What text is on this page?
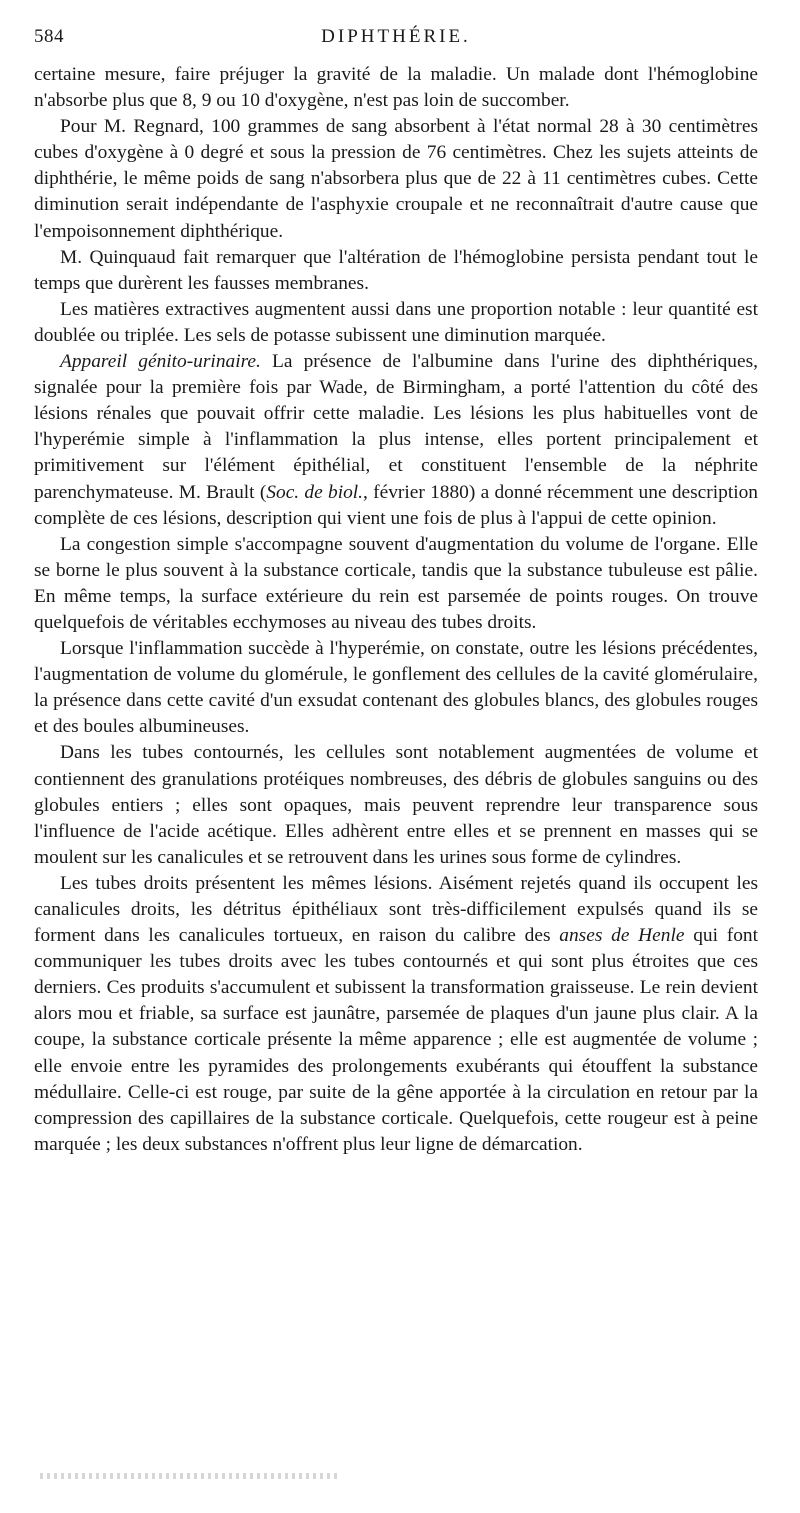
584	DIPHTHÉRIE.

certaine mesure, faire préjuger la gravité de la maladie. Un malade dont l'hémoglobine n'absorbe plus que 8, 9 ou 10 d'oxygène, n'est pas loin de succomber.

Pour M. Regnard, 100 grammes de sang absorbent à l'état normal 28 à 30 centimètres cubes d'oxygène à 0 degré et sous la pression de 76 centimètres. Chez les sujets atteints de diphthérie, le même poids de sang n'absorbera plus que de 22 à 11 centimètres cubes. Cette diminution serait indépendante de l'asphyxie croupale et ne reconnaîtrait d'autre cause que l'empoisonnement diphthérique.

M. Quinquaud fait remarquer que l'altération de l'hémoglobine persista pendant tout le temps que durèrent les fausses membranes.

Les matières extractives augmentent aussi dans une proportion notable : leur quantité est doublée ou triplée. Les sels de potasse subissent une diminution marquée.

Appareil génito-urinaire. La présence de l'albumine dans l'urine des diphthériques, signalée pour la première fois par Wade, de Birmingham, a porté l'attention du côté des lésions rénales que pouvait offrir cette maladie. Les lésions les plus habituelles vont de l'hyperémie simple à l'inflammation la plus intense, elles portent principalement et primitivement sur l'élément épithélial, et constituent l'ensemble de la néphrite parenchymateuse. M. Brault (Soc. de biol., février 1880) a donné récemment une description complète de ces lésions, description qui vient une fois de plus à l'appui de cette opinion.

La congestion simple s'accompagne souvent d'augmentation du volume de l'organe. Elle se borne le plus souvent à la substance corticale, tandis que la substance tubuleuse est pâlie. En même temps, la surface extérieure du rein est parsemée de points rouges. On trouve quelquefois de véritables ecchymoses au niveau des tubes droits.

Lorsque l'inflammation succède à l'hyperémie, on constate, outre les lésions précédentes, l'augmentation de volume du glomérule, le gonflement des cellules de la cavité glomérulaire, la présence dans cette cavité d'un exsudat contenant des globules blancs, des globules rouges et des boules albumineuses.

Dans les tubes contournés, les cellules sont notablement augmentées de volume et contiennent des granulations protéiques nombreuses, des débris de globules sanguins ou des globules entiers ; elles sont opaques, mais peuvent reprendre leur transparence sous l'influence de l'acide acétique. Elles adhèrent entre elles et se prennent en masses qui se moulent sur les canalicules et se retrouvent dans les urines sous forme de cylindres.

Les tubes droits présentent les mêmes lésions. Aisément rejetés quand ils occupent les canalicules droits, les détritus épithéliaux sont très-difficilement expulsés quand ils se forment dans les canalicules tortueux, en raison du calibre des anses de Henle qui font communiquer les tubes droits avec les tubes contournés et qui sont plus étroites que ces derniers. Ces produits s'accumulent et subissent la transformation graisseuse. Le rein devient alors mou et friable, sa surface est jaunâtre, parsemée de plaques d'un jaune plus clair. A la coupe, la substance corticale présente la même apparence ; elle est augmentée de volume ; elle envoie entre les pyramides des prolongements exubérants qui étouffent la substance médullaire. Celle-ci est rouge, par suite de la gêne apportée à la circulation en retour par la compression des capillaires de la substance corticale. Quelquefois, cette rougeur est à peine marquée ; les deux substances n'offrent plus leur ligne de démarcation.
